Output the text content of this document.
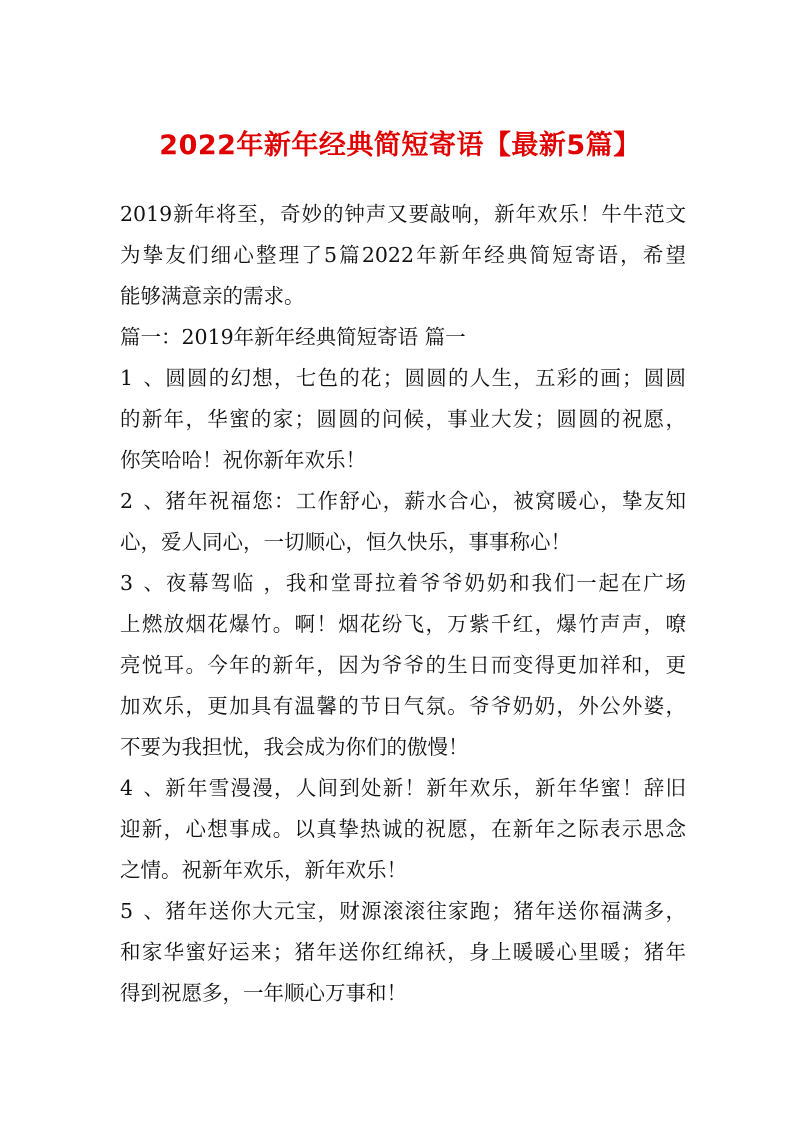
2022年新年经典简短寄语【最新5篇】
2019新年将至，奇妙的钟声又要敲响，新年欢乐！牛牛范文
为挚友们细心整理了5篇2022年新年经典简短寄语，希望
能够满意亲的需求。
篇一：2019年新年经典简短寄语 篇一
1、圆圆的幻想，七色的花；圆圆的人生，五彩的画；圆圆
的新年，华蜜的家；圆圆的问候，事业大发；圆圆的祝愿，
你笑哈哈！祝你新年欢乐！
2、猪年祝福您：工作舒心，薪水合心，被窝暖心，挚友知
心，爱人同心，一切顺心，恒久快乐，事事称心！
3、夜幕驾临 ，我和堂哥拉着爷爷奶奶和我们一起在广场
上燃放烟花爆竹。啊！烟花纷飞，万紫千红，爆竹声声，嘹
亮悦耳。今年的新年，因为爷爷的生日而变得更加祥和，更
加欢乐，更加具有温馨的节日气氛。爷爷奶奶，外公外婆，
不要为我担忧，我会成为你们的傲慢！
4、新年雪漫漫，人间到处新！新年欢乐，新年华蜜！辞旧
迎新，心想事成。以真挚热诚的祝愿，在新年之际表示思念
之情。祝新年欢乐，新年欢乐！
5、猪年送你大元宝，财源滚滚往家跑；猪年送你福满多，
和家华蜜好运来；猪年送你红绵袄，身上暖暖心里暖；猪年
得到祝愿多，一年顺心万事和！
